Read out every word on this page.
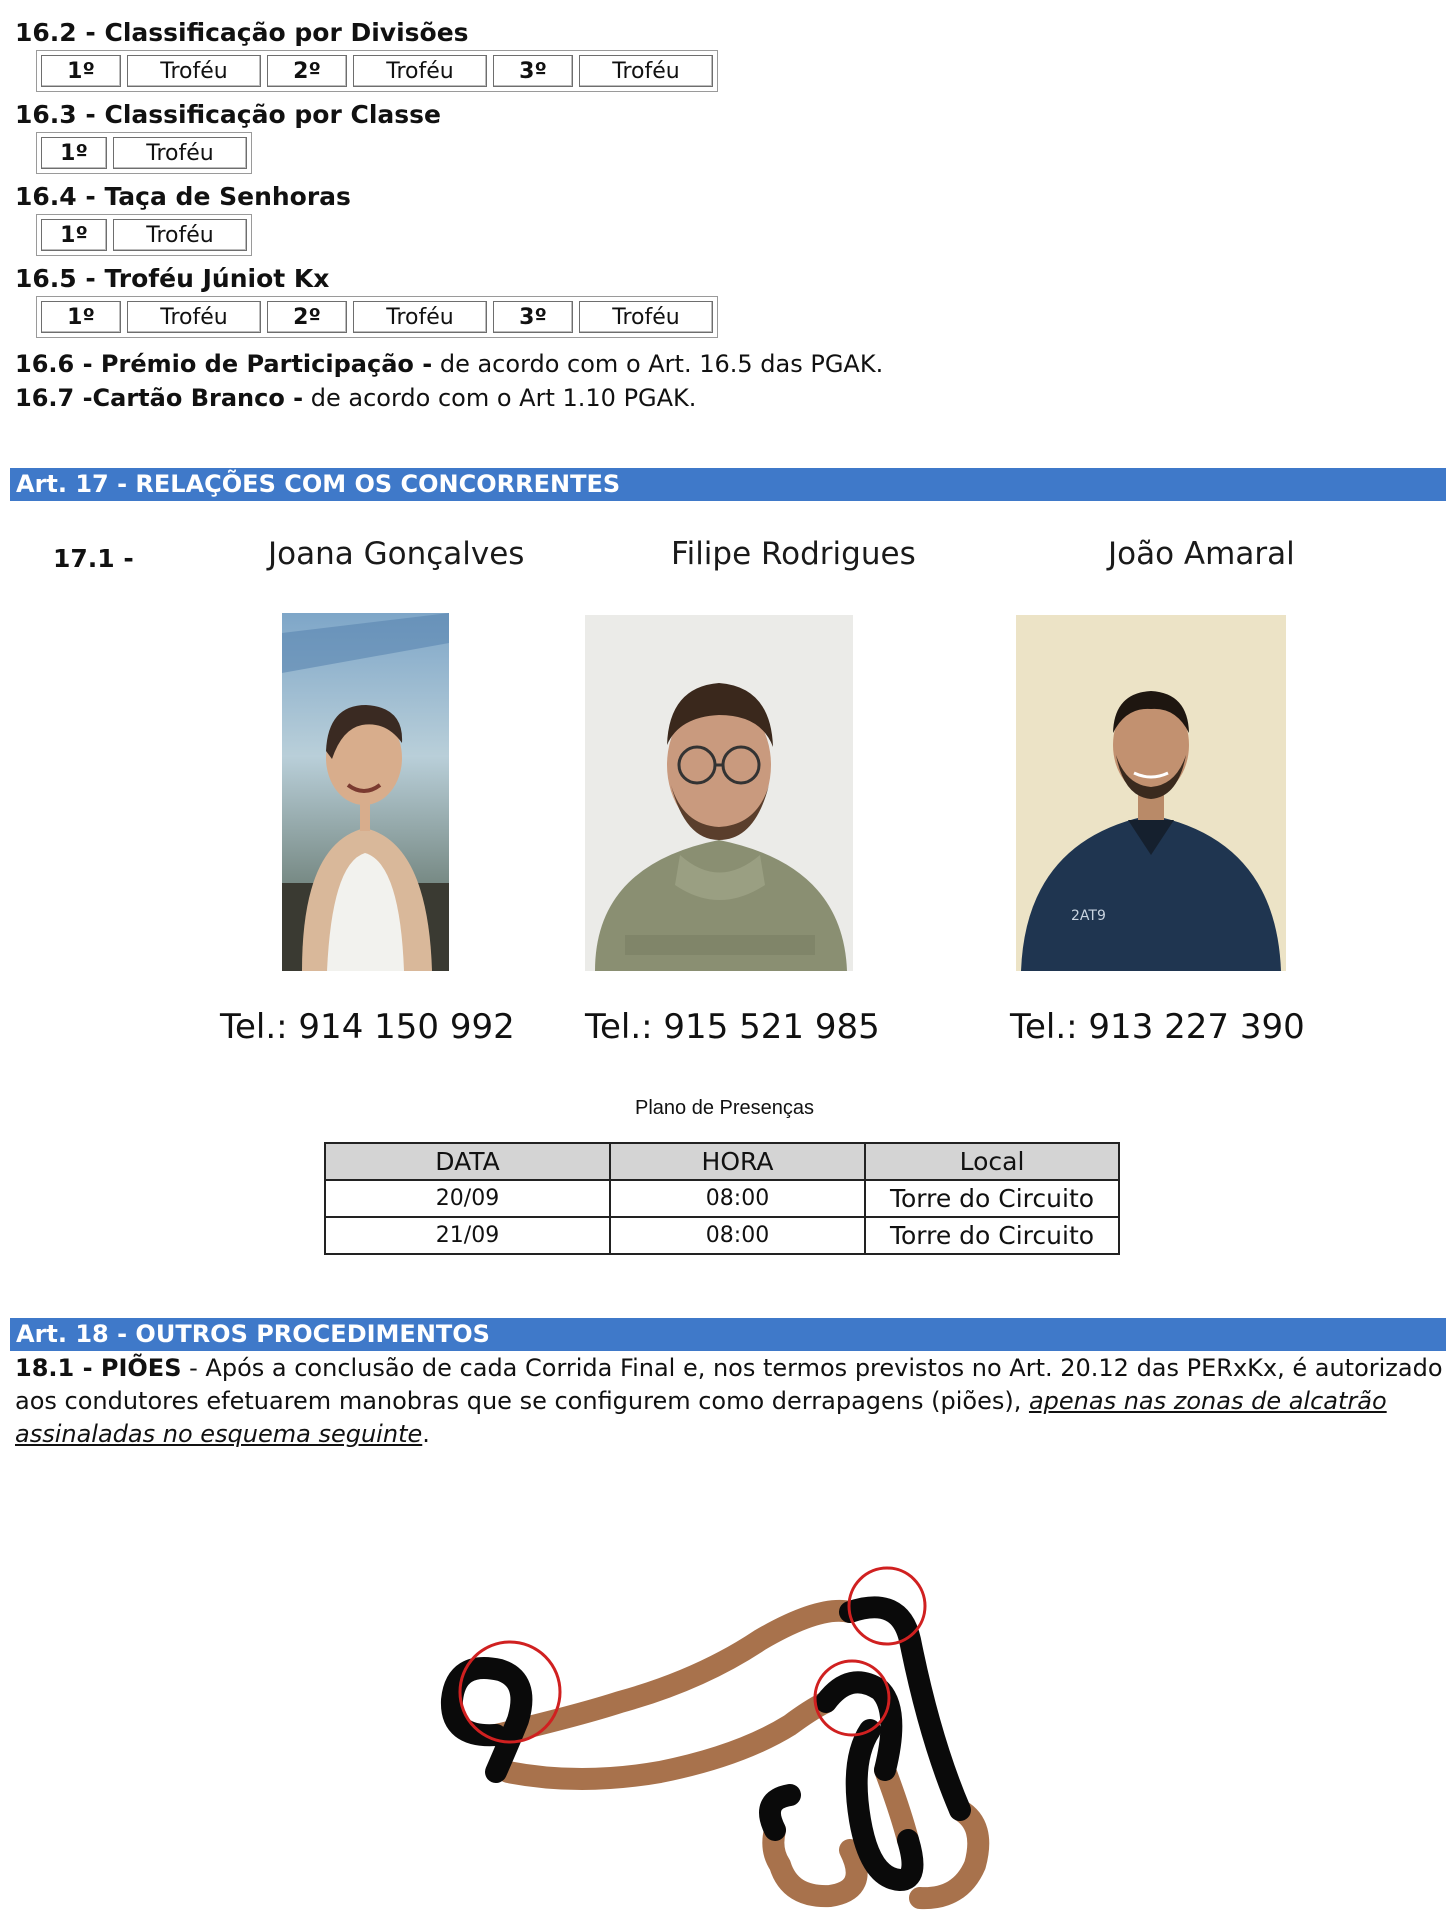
16.2 - Classificação por Divisões
1º	Troféu	2º	Troféu	3º	Troféu
16.3 - Classificação por Classe
1º	Troféu
16.4 - Taça de Senhoras
1º	Troféu
16.5 - Troféu Júniot Kx
1º	Troféu	2º	Troféu	3º	Troféu
16.6 - Prémio de Participação - de acordo com o Art. 16.5 das PGAK.
16.7 -Cartão Branco - de acordo com o Art 1.10 PGAK.
Art. 17 - RELAÇÕES COM OS CONCORRENTES
17.1 -	Joana Gonçalves	Filipe Rodrigues	João Amaral
2AT9
Tel.: 914 150 992 Tel.: 915 521 985	Tel.: 913 227 390
Plano de Presenças
DATA	HORA	Local
20/09	08:00	Torre do Circuito
21/09	08:00	Torre do Circuito
Art. 18 - OUTROS PROCEDIMENTOS
18.1 - PIÕES - Após a conclusão de cada Corrida Final e, nos termos previstos no Art. 20.12 das PERxKx, é autorizado aos condutores efetuarem manobras que se configurem como derrapagens (piões), apenas nas zonas de alcatrão assinaladas no esquema seguinte.
